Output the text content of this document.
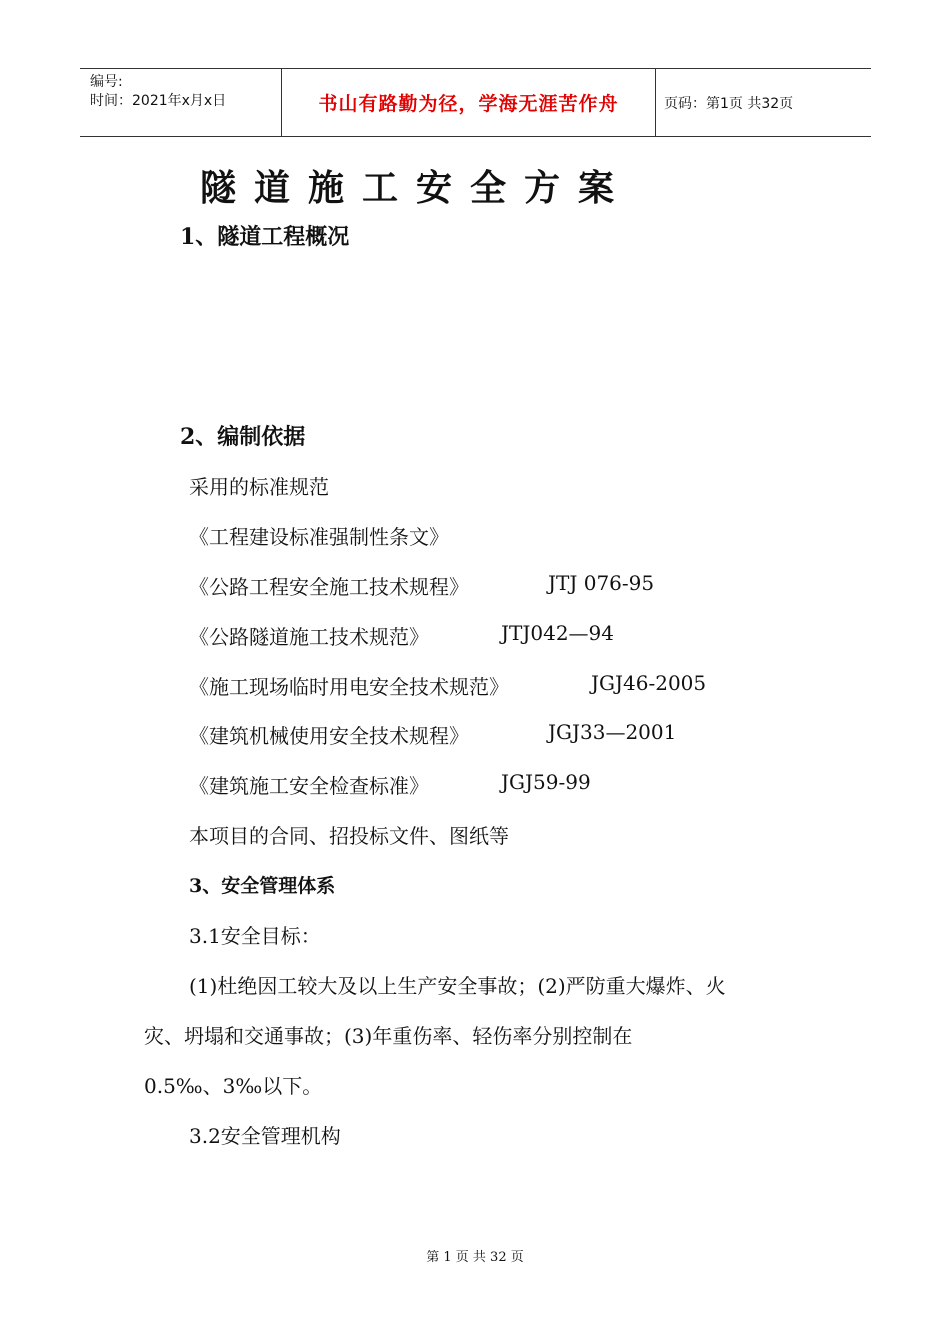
编号:
时间：2021年x月x日	书山有路勤为径，学海无涯苦作舟	页码：第1页 共32页
隧道施工安全方案
1、隧道工程概况
2、编制依据
采用的标准规范
《工程建设标准强制性条文》
《公路工程安全施工技术规程》	JTJ 076-95
《公路隧道施工技术规范》	JTJ042—94
《施工现场临时用电安全技术规范》	JGJ46-2005
《建筑机械使用安全技术规程》	JGJ33—2001
《建筑施工安全检查标准》	JGJ59-99
本项目的合同、招投标文件、图纸等
3、安全管理体系
3.1安全目标：
(1)杜绝因工较大及以上生产安全事故；(2)严防重大爆炸、火
灾、坍塌和交通事故；(3)年重伤率、轻伤率分别控制在
0.5‰、3‰以下。
3.2安全管理机构
第 1 页 共 32 页
